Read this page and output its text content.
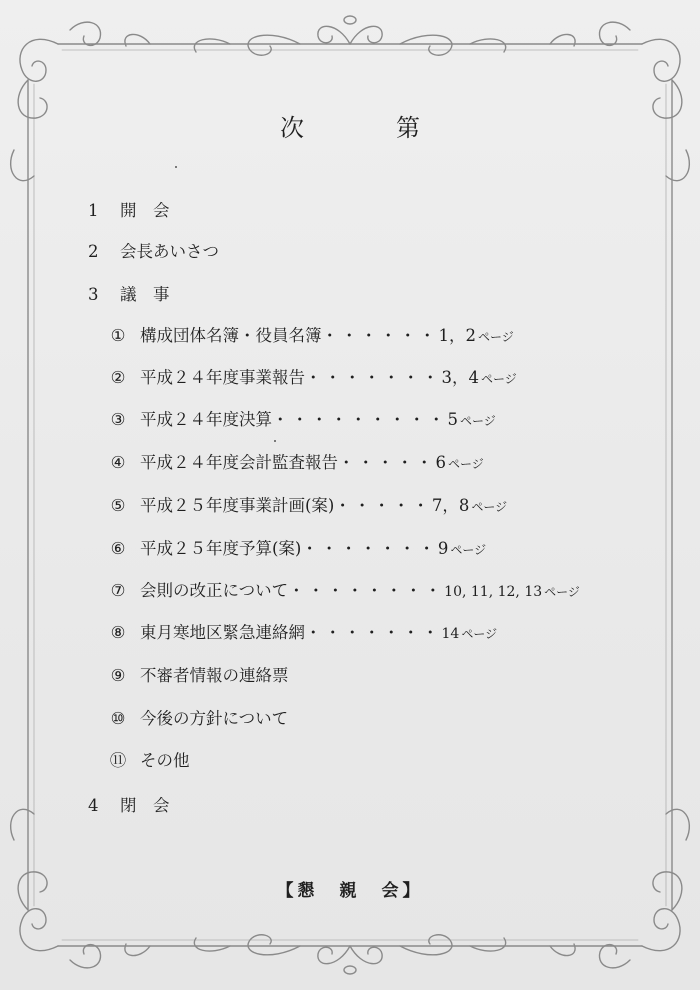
次　第
1 開　会
2 会長あいさつ
3 議　事
① 構成団体名簿・役員名簿・・・・・・1，2 ページ
② 平成２４年度事業報告・・・・・・・3，4 ページ
③ 平成２４年度決算・・・・・・・・・5 ページ
④ 平成２４年度会計監査報告・・・・・6 ページ
⑤ 平成２５年度事業計画(案)・・・・・7，8 ページ
⑥ 平成２５年度予算(案)・・・・・・・9 ページ
⑦ 会則の改正について・・・・・・・・10, 11, 12, 13 ページ
⑧ 東月寒地区緊急連絡網・・・・・・・14 ページ
⑨ 不審者情報の連絡票
⑩ 今後の方針について
⑪ その他
4 閉　会
【懇　親　会】
